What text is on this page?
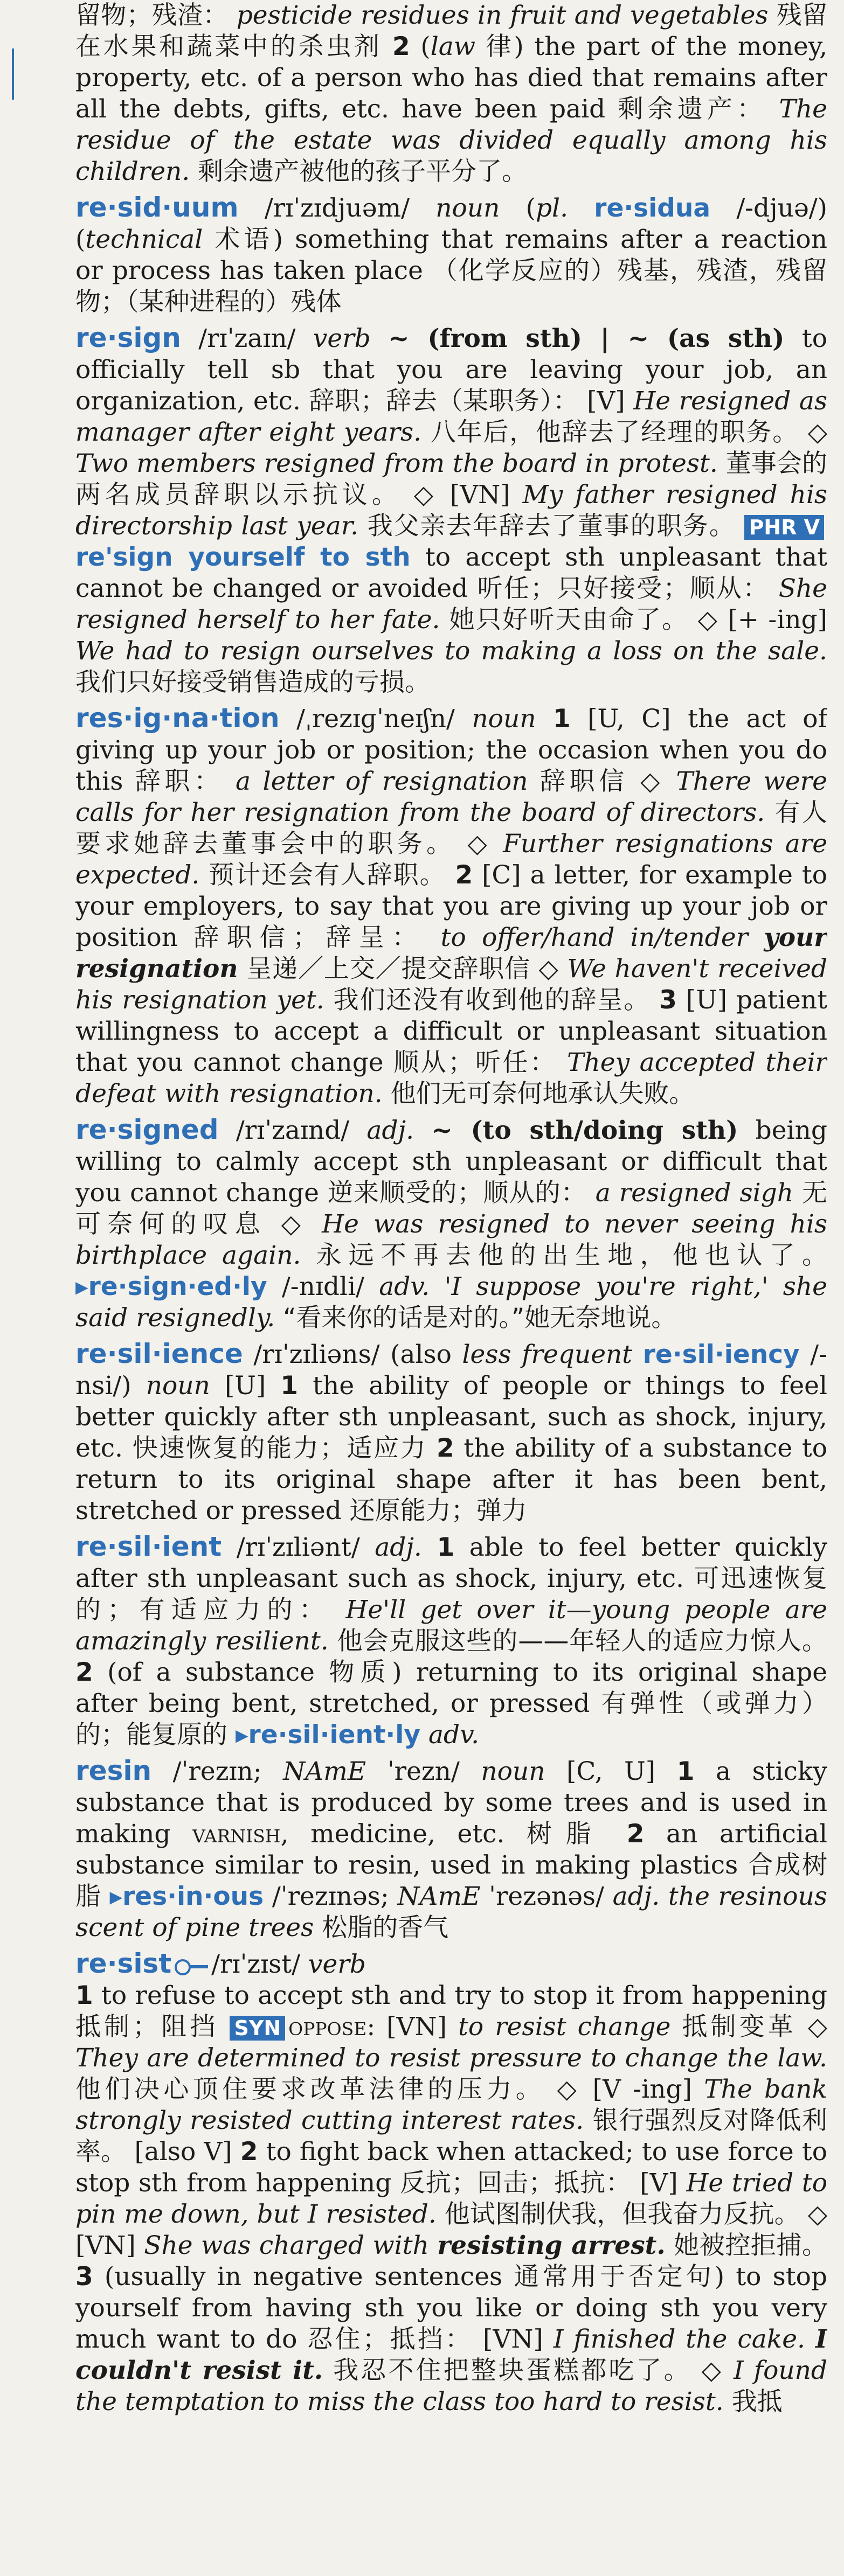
留物；残渣： pesticide residues in fruit and vegetables 残留在水果和蔬菜中的杀虫剂 2 (law 律) the part of the money, property, etc. of a person who has died that remains after all the debts, gifts, etc. have been paid 剩余遗产： The residue of the estate was divided equally among his children. 剩余遗产被他的孩子平分了。

re·sid·uum /rɪˈzɪdjuəm/ noun (pl. re·sidua /-djuə/) (technical 术语) something that remains after a reaction or process has taken place （化学反应的）残基，残渣，残留物；（某种进程的）残体

re·sign /rɪˈzaɪn/ verb ~ (from sth) | ~ (as sth) to officially tell sb that you are leaving your job, an organization, etc. 辞职；辞去（某职务）： [V] He resigned as manager after eight years. 八年后，他辞去了经理的职务。 ◇ Two members resigned from the board in protest. 董事会的两名成员辞职以示抗议。 ◇ [VN] My father resigned his directorship last year. 我父亲去年辞去了董事的职务。 PHR Vre'sign yourself to sth to accept sth unpleasant that cannot be changed or avoided 听任；只好接受；顺从： She resigned herself to her fate. 她只好听天由命了。 ◇ [+ -ing] We had to resign ourselves to making a loss on the sale. 我们只好接受销售造成的亏损。

res·ig·na·tion /ˌrezɪɡˈneɪʃn/ noun 1 [U, C] the act of giving up your job or position; the occasion when you do this 辞职： a letter of resignation 辞职信 ◇ There were calls for her resignation from the board of directors. 有人要求她辞去董事会中的职务。 ◇ Further resignations are expected. 预计还会有人辞职。 2 [C] a letter, for example to your employers, to say that you are giving up your job or position 辞职信；辞呈： to offer/hand in/tender your resignation 呈递／上交／提交辞职信 ◇ We haven't received his resignation yet. 我们还没有收到他的辞呈。 3 [U] patient willingness to accept a difficult or unpleasant situation that you cannot change 顺从；听任： They accepted their defeat with resignation. 他们无可奈何地承认失败。

re·signed /rɪˈzaɪnd/ adj. ~ (to sth/doing sth) being willing to calmly accept sth unpleasant or difficult that you cannot change 逆来顺受的；顺从的： a resigned sigh 无可奈何的叹息 ◇ He was resigned to never seeing his birthplace again. 永远不再去他的出生地，他也认了。 ▸re·sign·ed·ly /-nɪdli/ adv. 'I suppose you're right,' she said resignedly. “看来你的话是对的。”她无奈地说。

re·sil·ience /rɪˈzɪliəns/ (also less frequent re·sil·iency /-nsi/) noun [U] 1 the ability of people or things to feel better quickly after sth unpleasant, such as shock, injury, etc. 快速恢复的能力；适应力 2 the ability of a substance to return to its original shape after it has been bent, stretched or pressed 还原能力；弹力

re·sil·ient /rɪˈzɪliənt/ adj. 1 able to feel better quickly after sth unpleasant such as shock, injury, etc. 可迅速恢复的；有适应力的： He'll get over it—young people are amazingly resilient. 他会克服这些的——年轻人的适应力惊人。 2 (of a substance 物质) returning to its original shape after being bent, stretched, or pressed 有弹性（或弹力）的；能复原的 ▸re·sil·ient·ly adv.

resin /ˈrezɪn; NAmE ˈrezn/ noun [C, U] 1 a sticky substance that is produced by some trees and is used in making varnish, medicine, etc. 树脂 2 an artificial substance similar to resin, used in making plastics 合成树脂 ▸res·in·ous /ˈrezɪnəs; NAmE ˈrezənəs/ adj. the resinous scent of pine trees 松脂的香气

re·sist /rɪˈzɪst/ verb
1 to refuse to accept sth and try to stop it from happening 抵制；阻挡 SYN oppose: [VN] to resist change 抵制变革 ◇ They are determined to resist pressure to change the law. 他们决心顶住要求改革法律的压力。 ◇ [V -ing] The bank strongly resisted cutting interest rates. 银行强烈反对降低利率。 [also V] 2 to fight back when attacked; to use force to stop sth from happening 反抗；回击；抵抗： [V] He tried to pin me down, but I resisted. 他试图制伏我，但我奋力反抗。 ◇ [VN] She was charged with resisting arrest. 她被控拒捕。 3 (usually in negative sentences 通常用于否定句) to stop yourself from having sth you like or doing sth you very much want to do 忍住；抵挡： [VN] I finished the cake. I couldn't resist it. 我忍不住把整块蛋糕都吃了。 ◇ I found the temptation to miss the class too hard to resist. 我抵
